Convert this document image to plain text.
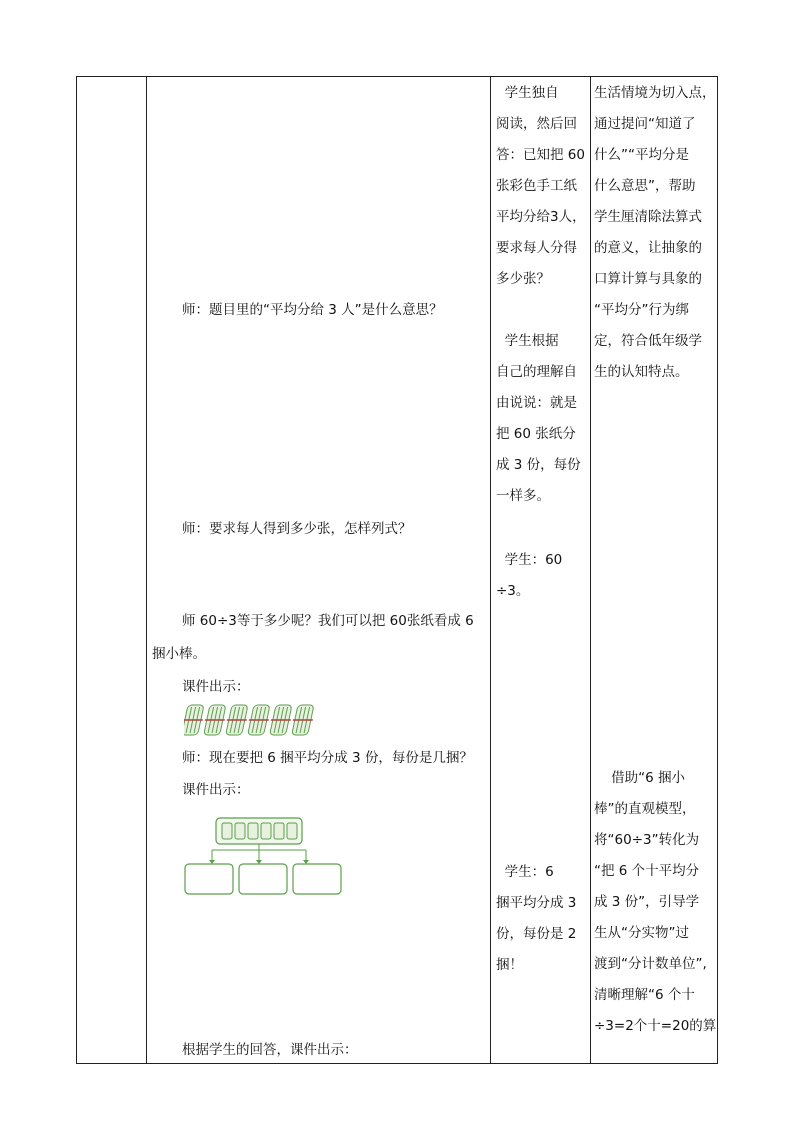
师：题目里的“平均分给 3 人”是什么意思？
师：要求每人得到多少张，怎样列式？
师 60÷3等于多少呢？我们可以把 60张纸看成 6
捆小棒。
课件出示：
师：现在要把 6 捆平均分成 3 份，每份是几捆？
课件出示：
根据学生的回答，课件出示：
学生独自
阅读，然后回
答：已知把 60
张彩色手工纸
平均分给3人，
要求每人分得
多少张？
学生根据
自己的理解自
由说说：就是
把 60 张纸分
成 3 份，每份
一样多。
学生：60
÷3。
学生：6
捆平均分成 3
份，每份是 2
捆！
生活情境为切入点，
通过提问“知道了
什么”“平均分是
什么意思”，帮助
学生厘清除法算式
的意义，让抽象的
口算计算与具象的
“平均分”行为绑
定，符合低年级学
生的认知特点。
借助“6 捆小
棒”的直观模型，
将“60÷3”转化为
“把 6 个十平均分
成 3 份”，引导学
生从“分实物”过
渡到“分计数单位”,
清晰理解“6 个十
÷3=2个十=20的算
